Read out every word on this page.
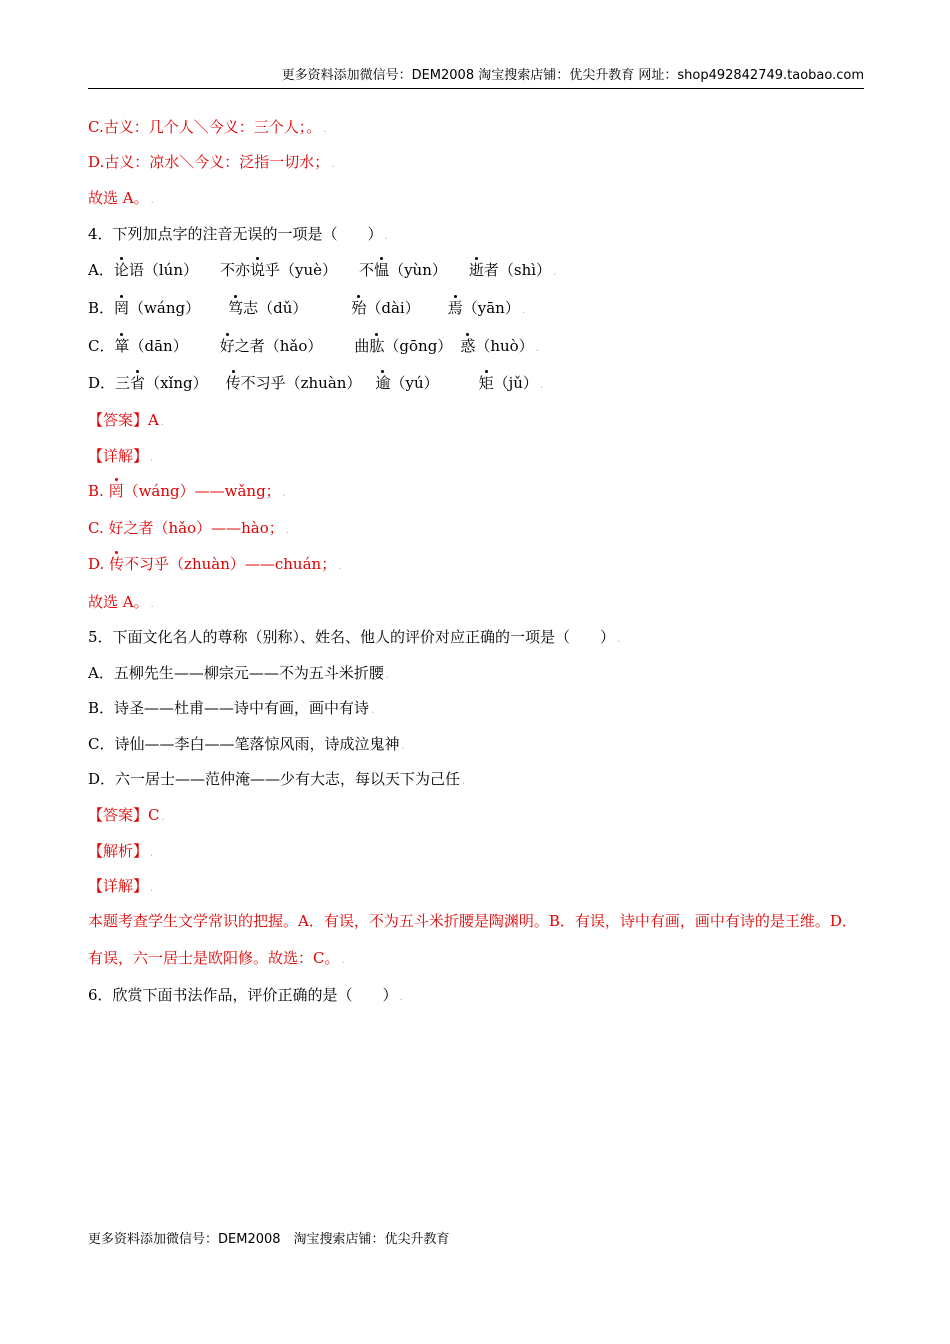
更多资料添加微信号：DEM2008 淘宝搜索店铺：优尖升教育 网址：shop492842749.taobao.com
C.古义：几个人＼今义：三个人；。 .
D.古义：凉水＼今义：泛指一切水； .
故选 A。 .
4．下列加点字的注音无误的一项是（　　） .
A．论语（lún） 不亦说乎（yuè） 不愠（yùn） 逝者（shì） .
B．罔（wáng） 笃志（dǔ）	殆（dài） 焉（yān） .
C．箪（dān） 好之者（hǎo） 曲肱（gōng） 惑（huò） .
D．三省（xǐng） 传不习乎（zhuàn） 逾（yú）	矩（jǔ） .
【答案】A .
【详解】 .
B. 罔（wáng）——wǎng； .
C. 好之者（hǎo）——hào； .
D. 传不习乎（zhuàn）——chuán； .
故选 A。 .
5．下面文化名人的尊称（别称）、姓名、他人的评价对应正确的一项是（　　） .
A．五柳先生——柳宗元——不为五斗米折腰 .
B．诗圣——杜甫——诗中有画，画中有诗 .
C．诗仙——李白——笔落惊风雨，诗成泣鬼神 .
D．六一居士——范仲淹——少有大志，每以天下为己任 .
【答案】C .
【解析】 .
【详解】 .
本题考查学生文学常识的把握。A．有误，不为五斗米折腰是陶渊明。B．有误，诗中有画，画中有诗的是王维。D．有误，六一居士是欧阳修。故选：C。 .
6．欣赏下面书法作品，评价正确的是（　　） .
更多资料添加微信号：DEM2008　淘宝搜索店铺：优尖升教育
